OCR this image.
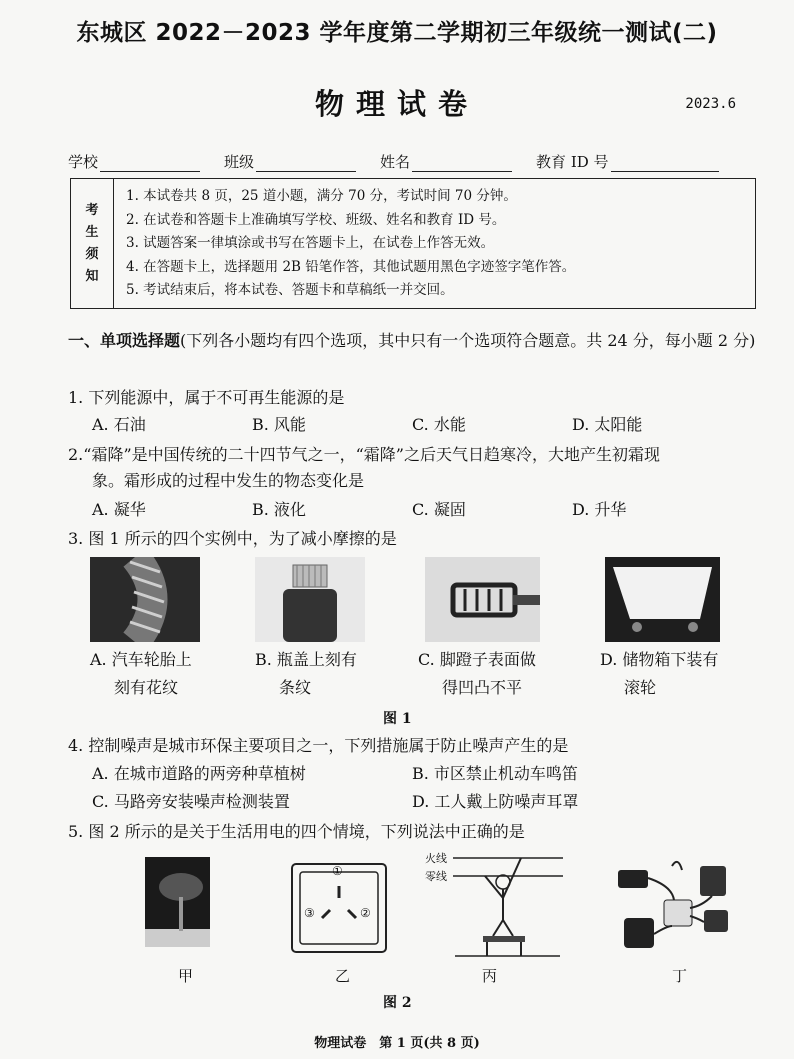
东城区 2022－2023 学年度第二学期初三年级统一测试(二)
物理试卷	2023.6
学校	班级	姓名	教育 ID 号
考
生
须
知
1. 本试卷共 8 页，25 道小题，满分 70 分，考试时间 70 分钟。
2. 在试卷和答题卡上准确填写学校、班级、姓名和教育 ID 号。
3. 试题答案一律填涂或书写在答题卡上，在试卷上作答无效。
4. 在答题卡上，选择题用 2B 铅笔作答，其他试题用黑色字迹签字笔作答。
5. 考试结束后，将本试卷、答题卡和草稿纸一并交回。
一、单项选择题(下列各小题均有四个选项，其中只有一个选项符合题意。共 24 分，每小题 2 分)
1. 下列能源中，属于不可再生能源的是
A. 石油	B. 风能	C. 水能	D. 太阳能
2.“霜降”是中国传统的二十四节气之一，“霜降”之后天气日趋寒冷，大地产生初霜现
象。霜形成的过程中发生的物态变化是
A. 凝华	B. 液化	C. 凝固	D. 升华
3. 图 1 所示的四个实例中，为了减小摩擦的是
A. 汽车轮胎上
刻有花纹
B. 瓶盖上刻有
条纹
C. 脚蹬子表面做
得凹凸不平
D. 储物箱下装有
滚轮
图 1
4. 控制噪声是城市环保主要项目之一，下列措施属于防止噪声产生的是
A. 在城市道路的两旁种草植树	B. 市区禁止机动车鸣笛
C. 马路旁安装噪声检测装置	D. 工人戴上防噪声耳罩
5. 图 2 所示的是关于生活用电的四个情境，下列说法中正确的是
①
③	②
火线
零线
甲	乙	丙	丁
图 2
物理试卷　第 1 页(共 8 页)
